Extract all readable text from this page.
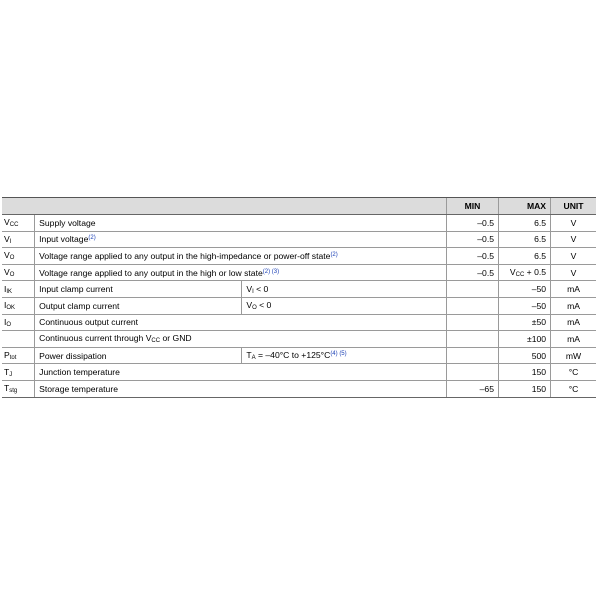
			MIN	MAX	UNIT
$V_{CC}$	Supply voltage		–0.5	6.5	V
$V_I$	Input voltage$^{(2)}$		–0.5	6.5	V
$V_O$	Voltage range applied to any output in the high-impedance or power-off state$^{(2)}$		–0.5	6.5	V
$V_O$	Voltage range applied to any output in the high or low state$^{(2) (3)}$		–0.5	$V_{CC} + 0.5$	V
$I_{IK}$	Input clamp current	$V_I < 0$		–50	mA
$I_{OK}$	Output clamp current	$V_O < 0$		–50	mA
$I_O$	Continuous output current			±50	mA
	Continuous current through $V_{CC}$ or GND			±100	mA
$P_{tot}$	Power dissipation	$T_A = -40^\circ C$ to +125°C$^{(4) (5)}$		500	mW
$T_J$	Junction temperature			150	°C
$T_{stg}$	Storage temperature		–65	150	°C
